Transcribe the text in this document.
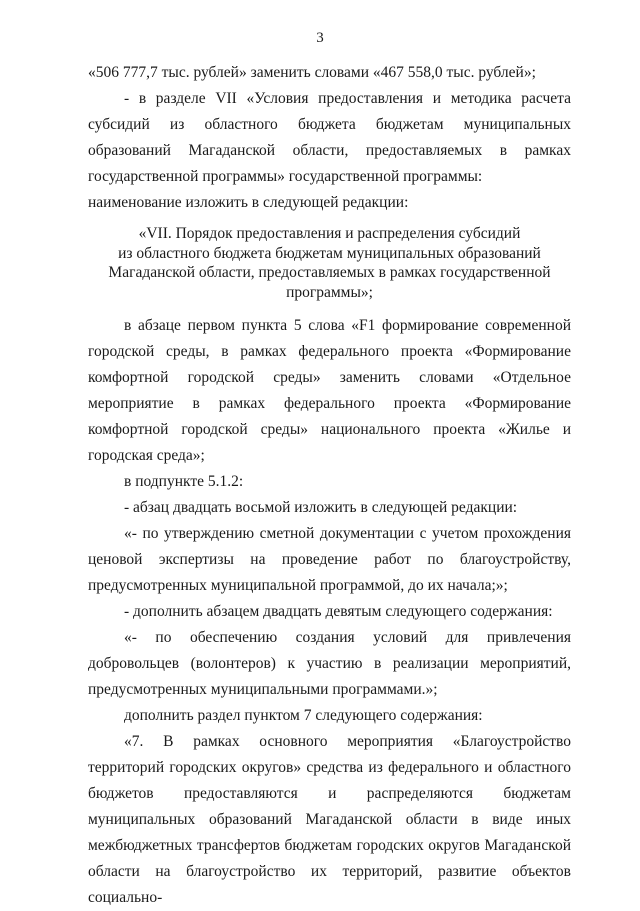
3

«506 777,7 тыс. рублей» заменить словами «467 558,0 тыс. рублей»;

- в разделе VII «Условия предоставления и методика расчета субсидий из областного бюджета бюджетам муниципальных образований Магаданской области, предоставляемых в рамках государственной программы» государственной программы:

наименование изложить в следующей редакции:

«VII. Порядок предоставления и распределения субсидий
из областного бюджета бюджетам муниципальных образований
Магаданской области, предоставляемых в рамках государственной
программы»;

в абзаце первом пункта 5 слова «F1 формирование современной городской среды, в рамках федерального проекта «Формирование комфортной городской среды» заменить словами «Отдельное мероприятие в рамках федерального проекта «Формирование комфортной городской среды» национального проекта «Жилье и городская среда»;

в подпункте 5.1.2:

- абзац двадцать восьмой изложить в следующей редакции:

«- по утверждению сметной документации с учетом прохождения ценовой экспертизы на проведение работ по благоустройству, предусмотренных муниципальной программой, до их начала;»;

- дополнить абзацем двадцать девятым следующего содержания:

«- по обеспечению создания условий для привлечения добровольцев (волонтеров) к участию в реализации мероприятий, предусмотренных муниципальными программами.»;

дополнить раздел пунктом 7 следующего содержания:

«7. В рамках основного мероприятия «Благоустройство территорий городских округов» средства из федерального и областного бюджетов предоставляются и распределяются бюджетам муниципальных образований Магаданской области в виде иных межбюджетных трансфертов бюджетам городских округов Магаданской области на благоустройство их территорий, развитие объектов социально-
